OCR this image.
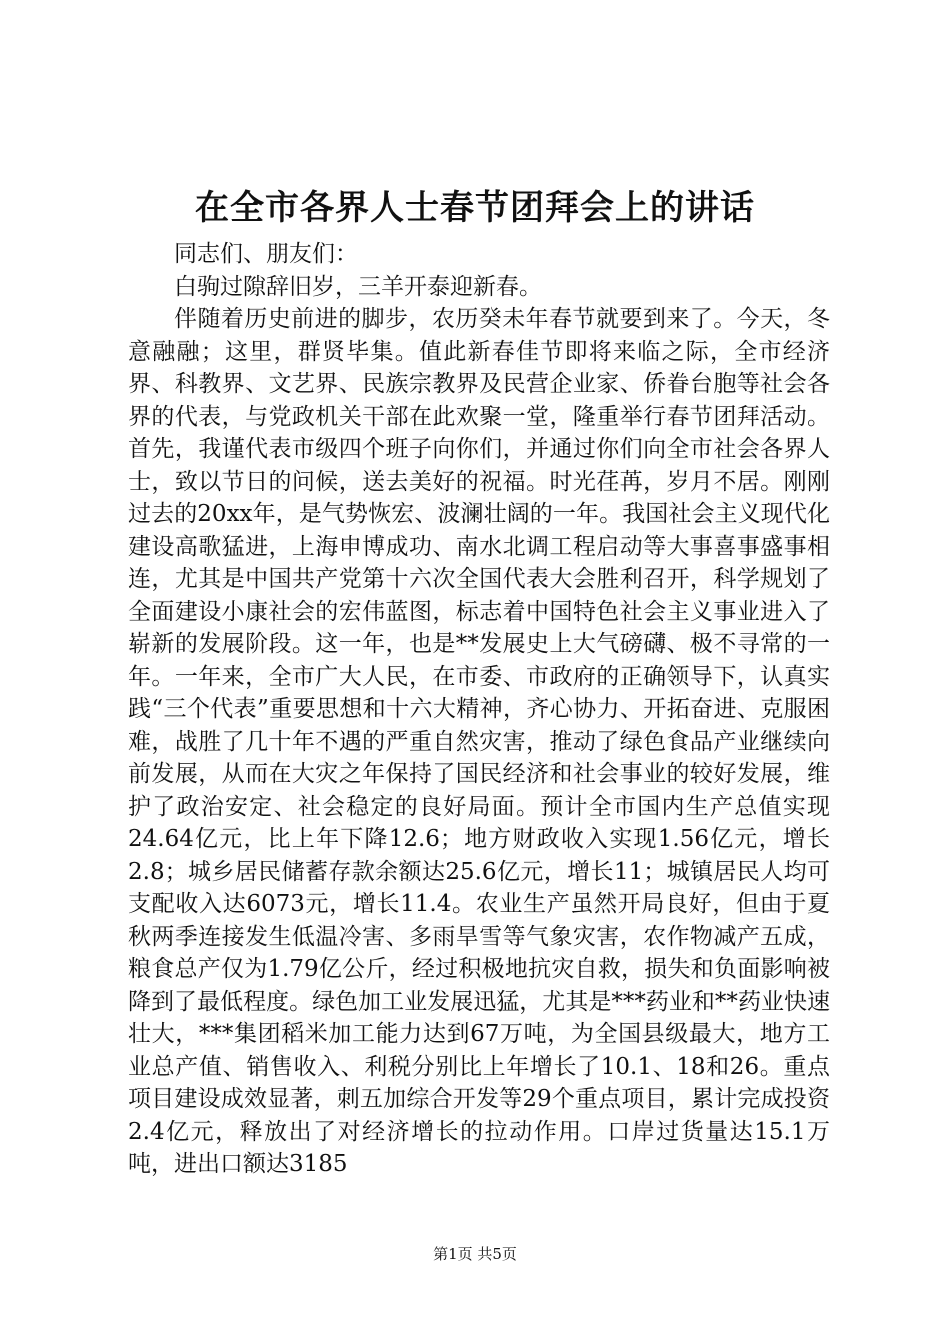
在全市各界人士春节团拜会上的讲话

同志们、朋友们：

白驹过隙辞旧岁，三羊开泰迎新春。

伴随着历史前进的脚步，农历癸未年春节就要到来了。今天，冬意融融；这里，群贤毕集。值此新春佳节即将来临之际，全市经济界、科教界、文艺界、民族宗教界及民营企业家、侨眷台胞等社会各界的代表，与党政机关干部在此欢聚一堂，隆重举行春节团拜活动。首先，我谨代表市级四个班子向你们，并通过你们向全市社会各界人士，致以节日的问候，送去美好的祝福。时光荏苒，岁月不居。刚刚过去的20xx年，是气势恢宏、波澜壮阔的一年。我国社会主义现代化建设高歌猛进，上海申博成功、南水北调工程启动等大事喜事盛事相连，尤其是中国共产党第十六次全国代表大会胜利召开，科学规划了全面建设小康社会的宏伟蓝图，标志着中国特色社会主义事业进入了崭新的发展阶段。这一年，也是**发展史上大气磅礴、极不寻常的一年。一年来，全市广大人民，在市委、市政府的正确领导下，认真实践“三个代表”重要思想和十六大精神，齐心协力、开拓奋进、克服困难，战胜了几十年不遇的严重自然灾害，推动了绿色食品产业继续向前发展，从而在大灾之年保持了国民经济和社会事业的较好发展，维护了政治安定、社会稳定的良好局面。预计全市国内生产总值实现24.64亿元，比上年下降12.6；地方财政收入实现1.56亿元，增长2.8；城乡居民储蓄存款余额达25.6亿元，增长11；城镇居民人均可支配收入达6073元，增长11.4。农业生产虽然开局良好，但由于夏秋两季连接发生低温冷害、多雨旱雪等气象灾害，农作物减产五成，粮食总产仅为1.79亿公斤，经过积极地抗灾自救，损失和负面影响被降到了最低程度。绿色加工业发展迅猛，尤其是***药业和**药业快速壮大，***集团稻米加工能力达到67万吨，为全国县级最大，地方工业总产值、销售收入、利税分别比上年增长了10.1、18和26。重点项目建设成效显著，刺五加综合开发等29个重点项目，累计完成投资2.4亿元，释放出了对经济增长的拉动作用。口岸过货量达15.1万吨，进出口额达3185

第1页 共5页
